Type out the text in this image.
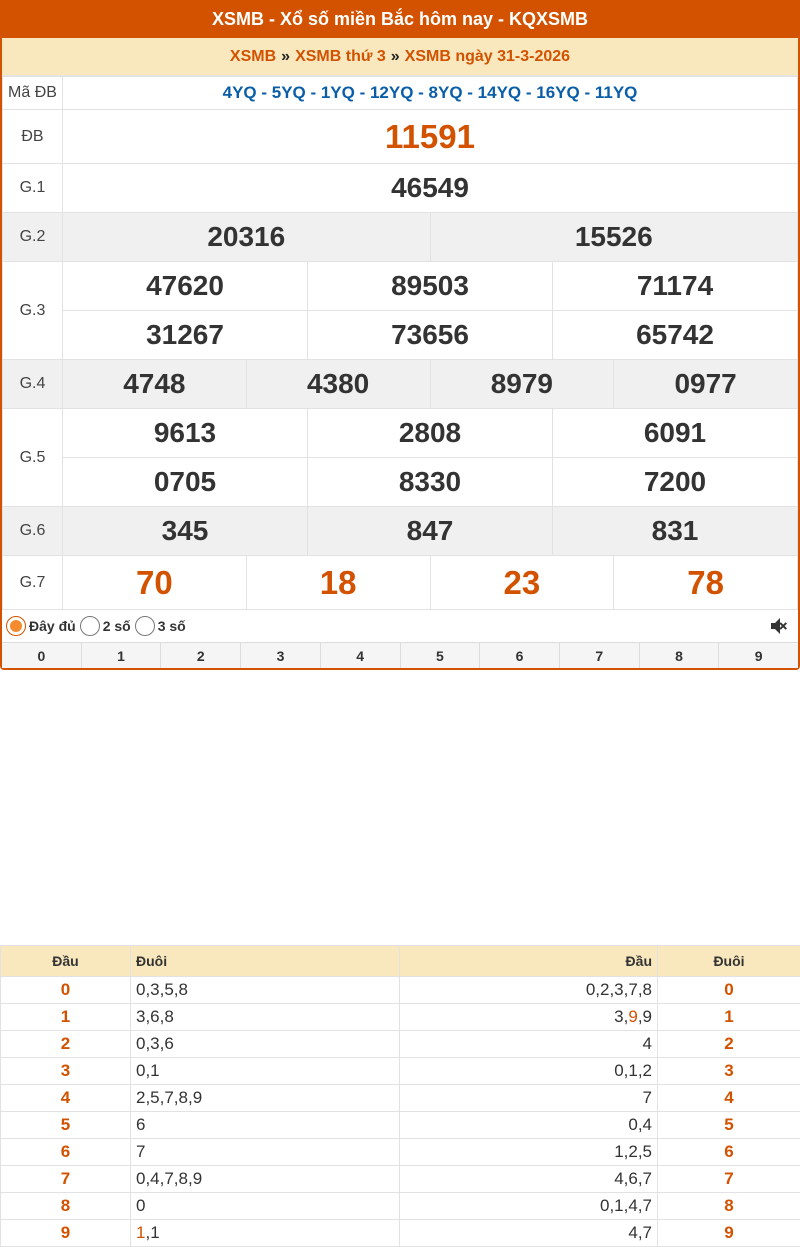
XSMB - Xổ số miền Bắc hôm nay - KQXSMB
XSMB » XSMB thứ 3 » XSMB ngày 31-3-2026
Mã ĐB	4YQ - 5YQ - 1YQ - 12YQ - 8YQ - 14YQ - 16YQ - 11YQ					
ĐB	11591					
G.1	46549					
G.2	20316			15526		
G.3	47620		89503		71174	
	31267		73656		65742	
G.4	4748	4380		8979		0977
G.5	9613		2808		6091	
	0705		8330		7200	
G.6	345		847		831	
G.7	70	18		23		78
Đây đủ 2 số 3 số
0	1	2	3	4	5	6	7	8	9
Đầu	Đuôi	Đầu	Đuôi
0	0,3,5,8	0,2,3,7,8	0
1	3,6,8	3,9,9	1
2	0,3,6	4	2
3	0,1	0,1,2	3
4	2,5,7,8,9	7	4
5	6	0,4	5
6	7	1,2,5	6
7	0,4,7,8,9	4,6,7	7
8	0	0,1,4,7	8
9	1,1	4,7	9
